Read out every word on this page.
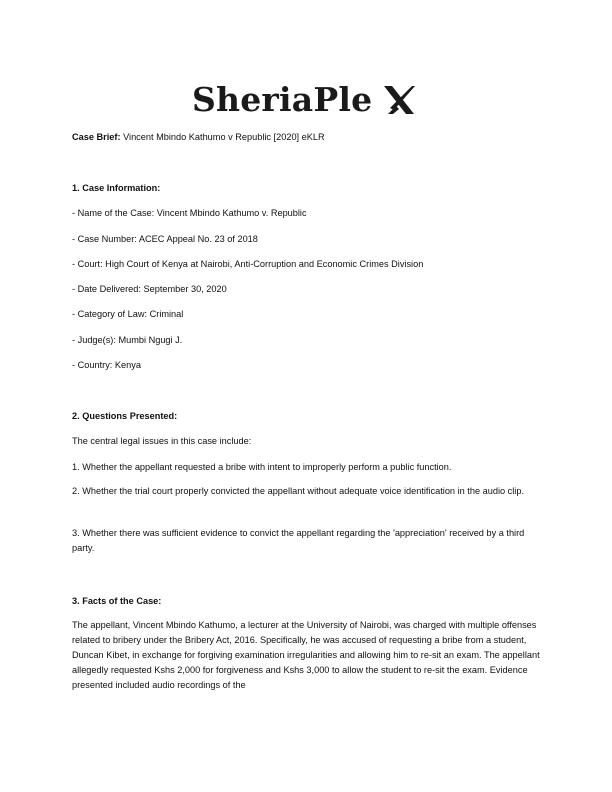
SheriaPle
Case Brief: Vincent Mbindo Kathumo v Republic [2020] eKLR
1. Case Information:
- Name of the Case: Vincent Mbindo Kathumo v. Republic
- Case Number: ACEC Appeal No. 23 of 2018
- Court: High Court of Kenya at Nairobi, Anti-Corruption and Economic Crimes Division
- Date Delivered: September 30, 2020
- Category of Law: Criminal
- Judge(s): Mumbi Ngugi J.
- Country: Kenya
2. Questions Presented:
The central legal issues in this case include:
1. Whether the appellant requested a bribe with intent to improperly perform a public function.
2. Whether the trial court properly convicted the appellant without adequate voice identification in the audio clip.
3. Whether there was sufficient evidence to convict the appellant regarding the 'appreciation' received by a third party.
3. Facts of the Case:
The appellant, Vincent Mbindo Kathumo, a lecturer at the University of Nairobi, was charged with multiple offenses related to bribery under the Bribery Act, 2016. Specifically, he was accused of requesting a bribe from a student, Duncan Kibet, in exchange for forgiving examination irregularities and allowing him to re-sit an exam. The appellant allegedly requested Kshs 2,000 for forgiveness and Kshs 3,000 to allow the student to re-sit the exam. Evidence presented included audio recordings of the
